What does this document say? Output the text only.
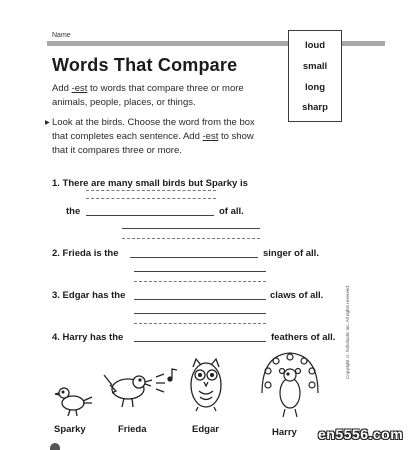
Name
Words That Compare
loud
small
long
sharp
Add -est to words that compare three or more
animals, people, places, or things.
▸ Look at the birds. Choose the word from the box
that completes each sentence. Add -est to show
that it compares three or more.
1. There are many small birds but Sparky is
the	of all.
2. Frieda is the	singer of all.
3. Edgar has the	claws of all.
4. Harry has the	feathers of all. Copyright © Scholastic Inc. All rights reserved.
Sparky	Frieda	Edgar	Harry en5556.com
